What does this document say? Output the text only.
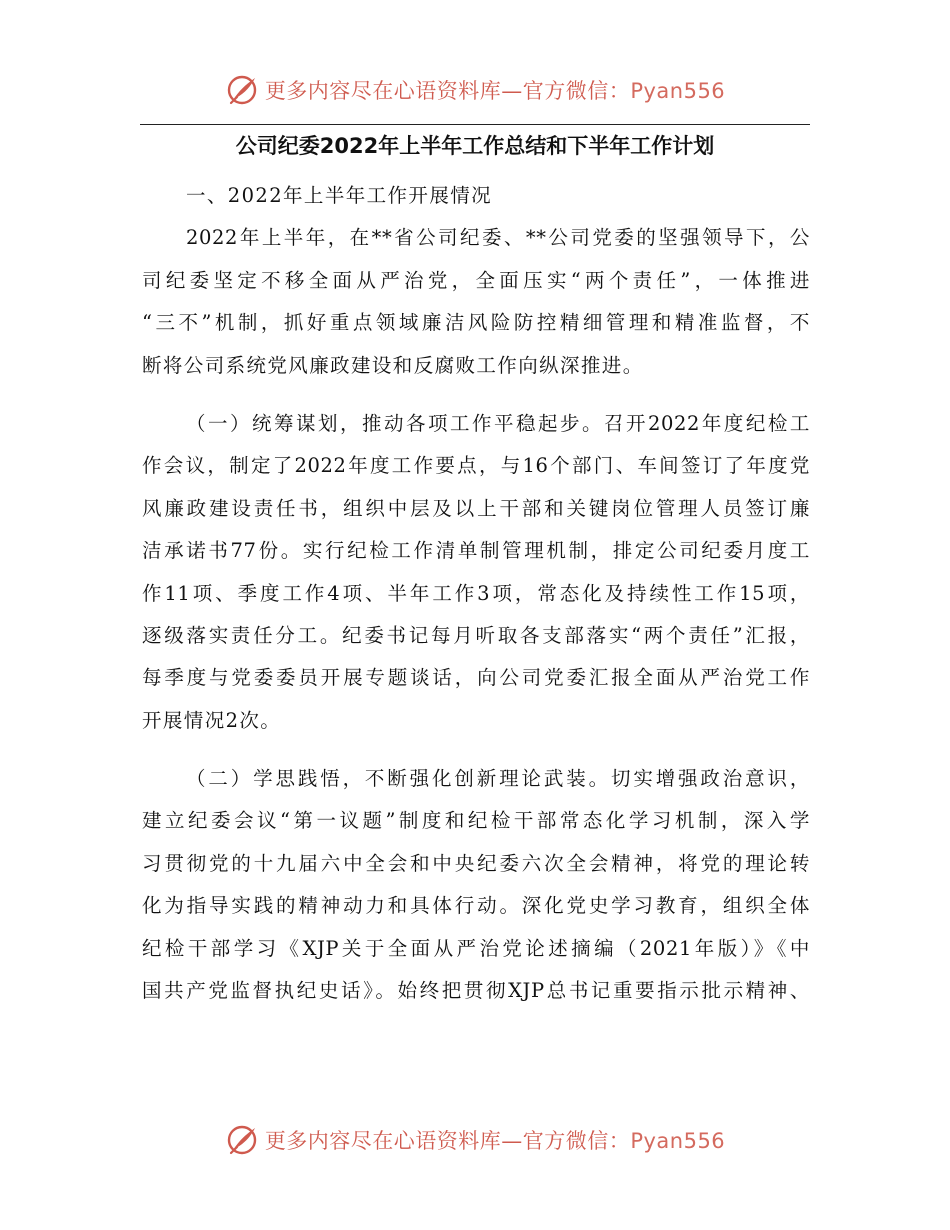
更多内容尽在心语资料库—官方微信：Pyan556
公司纪委2022年上半年工作总结和下半年工作计划
一、2022年上半年工作开展情况
2022年上半年，在**省公司纪委、**公司党委的坚强领导下，公
司纪委坚定不移全面从严治党，全面压实“两个责任”，一体推进
“三不”机制，抓好重点领域廉洁风险防控精细管理和精准监督，不
断将公司系统党风廉政建设和反腐败工作向纵深推进。
（一）统筹谋划，推动各项工作平稳起步。召开2022年度纪检工
作会议，制定了2022年度工作要点，与16个部门、车间签订了年度党
风廉政建设责任书，组织中层及以上干部和关键岗位管理人员签订廉
洁承诺书77份。实行纪检工作清单制管理机制，排定公司纪委月度工
作11项、季度工作4项、半年工作3项，常态化及持续性工作15项，
逐级落实责任分工。纪委书记每月听取各支部落实“两个责任”汇报，
每季度与党委委员开展专题谈话，向公司党委汇报全面从严治党工作
开展情况2次。
（二）学思践悟，不断强化创新理论武装。切实增强政治意识，
建立纪委会议“第一议题”制度和纪检干部常态化学习机制，深入学
习贯彻党的十九届六中全会和中央纪委六次全会精神，将党的理论转
化为指导实践的精神动力和具体行动。深化党史学习教育，组织全体
纪检干部学习《XJP关于全面从严治党论述摘编（2021年版）》《中
国共产党监督执纪史话》。始终把贯彻XJP总书记重要指示批示精神、
更多内容尽在心语资料库—官方微信：Pyan556
